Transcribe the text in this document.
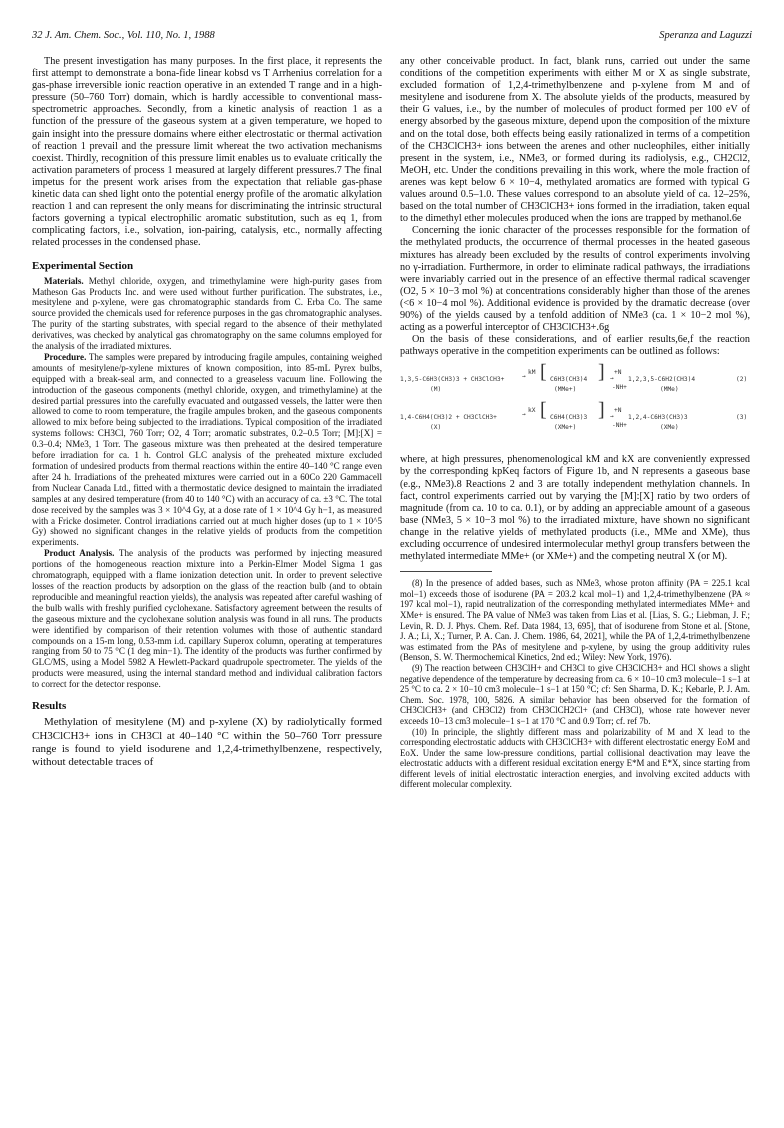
32 J. Am. Chem. Soc., Vol. 110, No. 1, 1988	Speranza and Laguzzi

The present investigation has many purposes. In the first place, it represents the first attempt to demonstrate a bona-fide linear kobsd vs T Arrhenius correlation for a gas-phase irreversible ionic reaction operative in an extended T range and in a high-pressure (50–760 Torr) domain, which is hardly accessible to conventional mass-spectrometric approaches. Secondly, from a kinetic analysis of reaction 1 as a function of the pressure of the gaseous system at a given temperature, we hoped to gain insight into the pressure domains where either electrostatic or thermal activation of reaction 1 prevail and the pressure limit whereat the two activation mechanisms coexist. Thirdly, recognition of this pressure limit enables us to evaluate critically the activation parameters of process 1 measured at largely different pressures.7 The final impetus for the present work arises from the expectation that reliable gas-phase kinetic data can shed light onto the potential energy profile of the aromatic alkylation reaction 1 and can represent the only means for discriminating the intrinsic structural factors governing a typical electrophilic aromatic substitution, such as eq 1, from complicating factors, i.e., solvation, ion-pairing, catalysis, etc., normally affecting related processes in the condensed phase.

Experimental Section

Materials. Methyl chloride, oxygen, and trimethylamine were high-purity gases from Matheson Gas Products Inc. and were used without further purification. The substrates, i.e., mesitylene and p-xylene, were gas chromatographic standards from C. Erba Co. The same source provided the chemicals used for reference purposes in the gas chromatographic analyses. The purity of the starting substrates, with special regard to the absence of their methylated derivatives, was checked by analytical gas chromatography on the same columns employed for the analysis of the irradiated mixtures.

Procedure. The samples were prepared by introducing fragile ampules, containing weighed amounts of mesitylene/p-xylene mixtures of known composition, into 85-mL Pyrex bulbs, equipped with a break-seal arm, and connected to a greaseless vacuum line. Following the introduction of the gaseous components (methyl chloride, oxygen, and trimethylamine) at the desired partial pressures into the carefully evacuated and outgassed vessels, the latter were then allowed to come to room temperature, the fragile ampules broken, and the gaseous components allowed to mix before being subjected to the irradiations. Typical composition of the irradiated systems follows: CH3Cl, 760 Torr; O2, 4 Torr; aromatic substrates, 0.2–0.5 Torr; [M]:[X] = 0.3–0.4; NMe3, 1 Torr. The gaseous mixture was then preheated at the desired temperature before irradiation for ca. 1 h. Control GLC analysis of the preheated mixture excluded formation of undesired products from thermal reactions within the entire 40–140 °C range even after 24 h. Irradiations of the preheated mixtures were carried out in a 60Co 220 Gammacell from Nuclear Canada Ltd., fitted with a thermostatic device designed to maintain the irradiated samples at any desired temperature (from 40 to 140 °C) with an accuracy of ca. ±3 °C. The total dose received by the samples was 3 × 10^4 Gy, at a dose rate of 1 × 10^4 Gy h−1, as measured with a Fricke dosimeter. Control irradiations carried out at much higher doses (up to 1 × 10^5 Gy) showed no significant changes in the relative yields of products from the competition experiments.

Product Analysis. The analysis of the products was performed by injecting measured portions of the homogeneous reaction mixture into a Perkin-Elmer Model Sigma 1 gas chromatograph, equipped with a flame ionization detection unit. In order to prevent selective losses of the reaction products by adsorption on the glass of the reaction bulb (and to obtain reproducible and meaningful reaction yields), the analysis was repeated after careful washing of the bulb walls with freshly purified cyclohexane. Satisfactory agreement between the results of the gaseous mixture and the cyclohexane solution analysis was found in all runs. The products were identified by comparison of their retention volumes with those of authentic standard compounds on a 15-m long, 0.53-mm i.d. capillary Superox column, operating at temperatures ranging from 50 to 75 °C (1 deg min−1). The identity of the products was further confirmed by GLC/MS, using a Model 5982 A Hewlett-Packard quadrupole spectrometer. The yields of the products were measured, using the internal standard method and individual calibration factors to correct for the detector response.

Results

Methylation of mesitylene (M) and p-xylene (X) by radiolytically formed CH3ClCH3+ ions in CH3Cl at 40–140 °C within the 50–760 Torr pressure range is found to yield isodurene and 1,2,4-trimethylbenzene, respectively, without detectable traces of

any other conceivable product. In fact, blank runs, carried out under the same conditions of the competition experiments with either M or X as single substrate, excluded formation of 1,2,4-trimethylbenzene and p-xylene from M and of mesitylene and isodurene from X. The absolute yields of the products, measured by their G values, i.e., by the number of molecules of product formed per 100 eV of energy absorbed by the gaseous mixture, depend upon the composition of the mixture and on the total dose, both effects being easily rationalized in terms of a competition of the CH3ClCH3+ ions between the arenes and other nucleophiles, either initially present in the system, i.e., NMe3, or formed during its radiolysis, e.g., CH2Cl2, MeOH, etc. Under the conditions prevailing in this work, where the mole fraction of arenes was kept below 6 × 10−4, methylated aromatics are formed with typical G values around 0.5–1.0. These values correspond to an absolute yield of ca. 12–25%, based on the total number of CH3ClCH3+ ions formed in the irradiation, taken equal to the dimethyl ether molecules produced when the ions are trapped by methanol.6e

Concerning the ionic character of the processes responsible for the formation of the methylated products, the occurrence of thermal processes in the heated gaseous mixtures has already been excluded by the results of control experiments involving no γ-irradiation. Furthermore, in order to eliminate radical pathways, the irradiations were invariably carried out in the presence of an effective thermal radical scavenger (O2, 5 × 10−3 mol %) at concentrations considerably higher than those of the arenes (<6 × 10−4 mol %). Additional evidence is provided by the dramatic decrease (over 90%) of the yields caused by a tenfold addition of NMe3 (ca. 1 × 10−2 mol %), acting as a powerful interceptor of CH3ClCH3+.6g

On the basis of these considerations, and of earlier results,6e,f the reaction pathways operative in the competition experiments can be outlined as follows:

1,3,5-C6H3(CH3)3 + CH3ClCH3+
(M)
kM
→ [ C6H3(CH3)4
(MMe+)
] +N
→
-NH+
1,2,3,5-C6H2(CH3)4
(MMe)
(2)
1,4-C6H4(CH3)2 + CH3ClCH3+
(X)
kX
→ [ C6H4(CH3)3
(XMe+)
] +N
→
-NH+
1,2,4-C6H3(CH3)3
(XMe)
(3)

where, at high pressures, phenomenological kM and kX are conveniently expressed by the corresponding kpKeq factors of Figure 1b, and N represents a gaseous base (e.g., NMe3).8 Reactions 2 and 3 are totally independent methylation channels. In fact, control experiments carried out by varying the [M]:[X] ratio by two orders of magnitude (from ca. 10 to ca. 0.1), or by adding an appreciable amount of a gaseous base (NMe3, 5 × 10−3 mol %) to the irradiated mixture, have shown no significant change in the relative yields of methylated products (i.e., MMe and XMe), thus excluding occurrence of undesired intermolecular methyl group transfers between the methylated intermediate MMe+ (or XMe+) and the competing neutral X (or M).

(8) In the presence of added bases, such as NMe3, whose proton affinity (PA = 225.1 kcal mol−1) exceeds those of isodurene (PA = 203.2 kcal mol−1) and 1,2,4-trimethylbenzene (PA ≈ 197 kcal mol−1), rapid neutralization of the corresponding methylated intermediates MMe+ and XMe+ is ensured. The PA value of NMe3 was taken from Lias et al. [Lias, S. G.; Liebman, J. F.; Levin, R. D. J. Phys. Chem. Ref. Data 1984, 13, 695], that of isodurene from Stone et al. [Stone, J. A.; Li, X.; Turner, P. A. Can. J. Chem. 1986, 64, 2021], while the PA of 1,2,4-trimethylbenzene was estimated from the PAs of mesitylene and p-xylene, by using the group additivity rules (Benson, S. W. Thermochemical Kinetics, 2nd ed.; Wiley: New York, 1976).

(9) The reaction between CH3ClH+ and CH3Cl to give CH3ClCH3+ and HCl shows a slight negative dependence of the temperature by decreasing from ca. 6 × 10−10 cm3 molecule−1 s−1 at 25 °C to ca. 2 × 10−10 cm3 molecule−1 s−1 at 150 °C; cf: Sen Sharma, D. K.; Kebarle, P. J. Am. Chem. Soc. 1978, 100, 5826. A similar behavior has been observed for the formation of CH3ClCH3+ (and CH3Cl2) from CH3ClCH2Cl+ (and CH3Cl), whose rate however never exceeds 10−13 cm3 molecule−1 s−1 at 170 °C and 0.9 Torr; cf. ref 7b.

(10) In principle, the slightly different mass and polarizability of M and X lead to the corresponding electrostatic adducts with CH3ClCH3+ with different electrostatic energy EoM and EoX. Under the same low-pressure conditions, partial collisional deactivation may leave the electrostatic adducts with a different residual excitation energy E*M and E*X, since starting from different levels of initial electrostatic interaction energies, and involving excited adducts with different molecular complexity.
